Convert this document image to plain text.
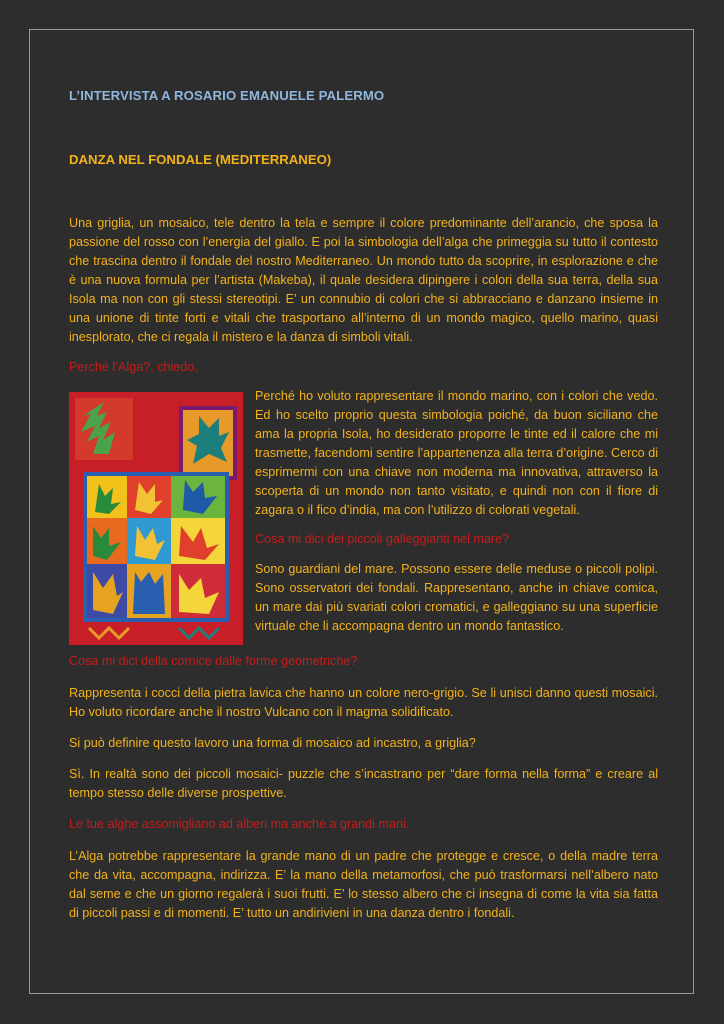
L’INTERVISTA A ROSARIO EMANUELE PALERMO

DANZA NEL FONDALE (MEDITERRANEO)

Una griglia, un mosaico, tele dentro la tela e sempre il colore predominante dell’arancio, che sposa la passione del rosso con l’energia del giallo. E poi la simbologia dell’alga che primeggia su tutto il contesto che trascina dentro il fondale del nostro Mediterraneo. Un mondo tutto da scoprire, in esplorazione e che è una nuova formula per l’artista (Makeba), il quale desidera dipingere i colori della sua terra, della sua Isola ma non con gli stessi stereotipi. E’ un connubio di colori che si abbracciano e danzano insieme in una unione di tinte forti e vitali che trasportano all’interno di un mondo magico, quello marino, quasi inesplorato, che ci regala il mistero e la danza di simboli vitali.

Perché l’Alga?, chiedo.

Perché ho voluto rappresentare il mondo marino, con i colori che vedo. Ed ho scelto proprio questa simbologia poiché, da buon siciliano che ama la propria Isola, ho desiderato proporre le tinte ed il calore che mi trasmette, facendomi sentire l’appartenenza alla terra d’origine. Cerco di esprimermi con una chiave non moderna ma innovativa, attraverso la scoperta di un mondo non tanto visitato, e quindi non con il fiore di zagara o il fico d’india, ma con l’utilizzo di colorati vegetali.

Cosa mi dici dei piccoli galleggianti nel mare?

Sono guardiani del mare. Possono essere delle meduse o piccoli polipi. Sono osservatori dei fondali. Rappresentano, anche in chiave comica, un mare dai più svariati colori cromatici, e galleggiano su una superficie virtuale che li accompagna dentro un mondo fantastico.

Cosa mi dici della cornice dalle forme geometriche?

Rappresenta i cocci della pietra lavica che hanno un colore nero-grigio. Se li unisci danno questi mosaici. Ho voluto ricordare anche il nostro Vulcano con il magma solidificato.

Si può definire questo lavoro una forma di mosaico ad incastro, a griglia?

Sì. In realtà sono dei piccoli mosaici- puzzle che s’incastrano per “dare forma nella forma” e creare al tempo stesso delle diverse prospettive.

Le tue alghe assomigliano ad alberi ma anche a grandi mani.

L’Alga potrebbe rappresentare la grande mano di un padre che protegge e cresce, o della madre terra che da vita, accompagna, indirizza. E’ la mano della metamorfosi, che può trasformarsi nell’albero nato dal seme e che un giorno regalerà i suoi frutti. E’ lo stesso albero che ci insegna di come la vita sia fatta di piccoli passi e di momenti. E’ tutto un andirivieni in una danza dentro i fondali.
